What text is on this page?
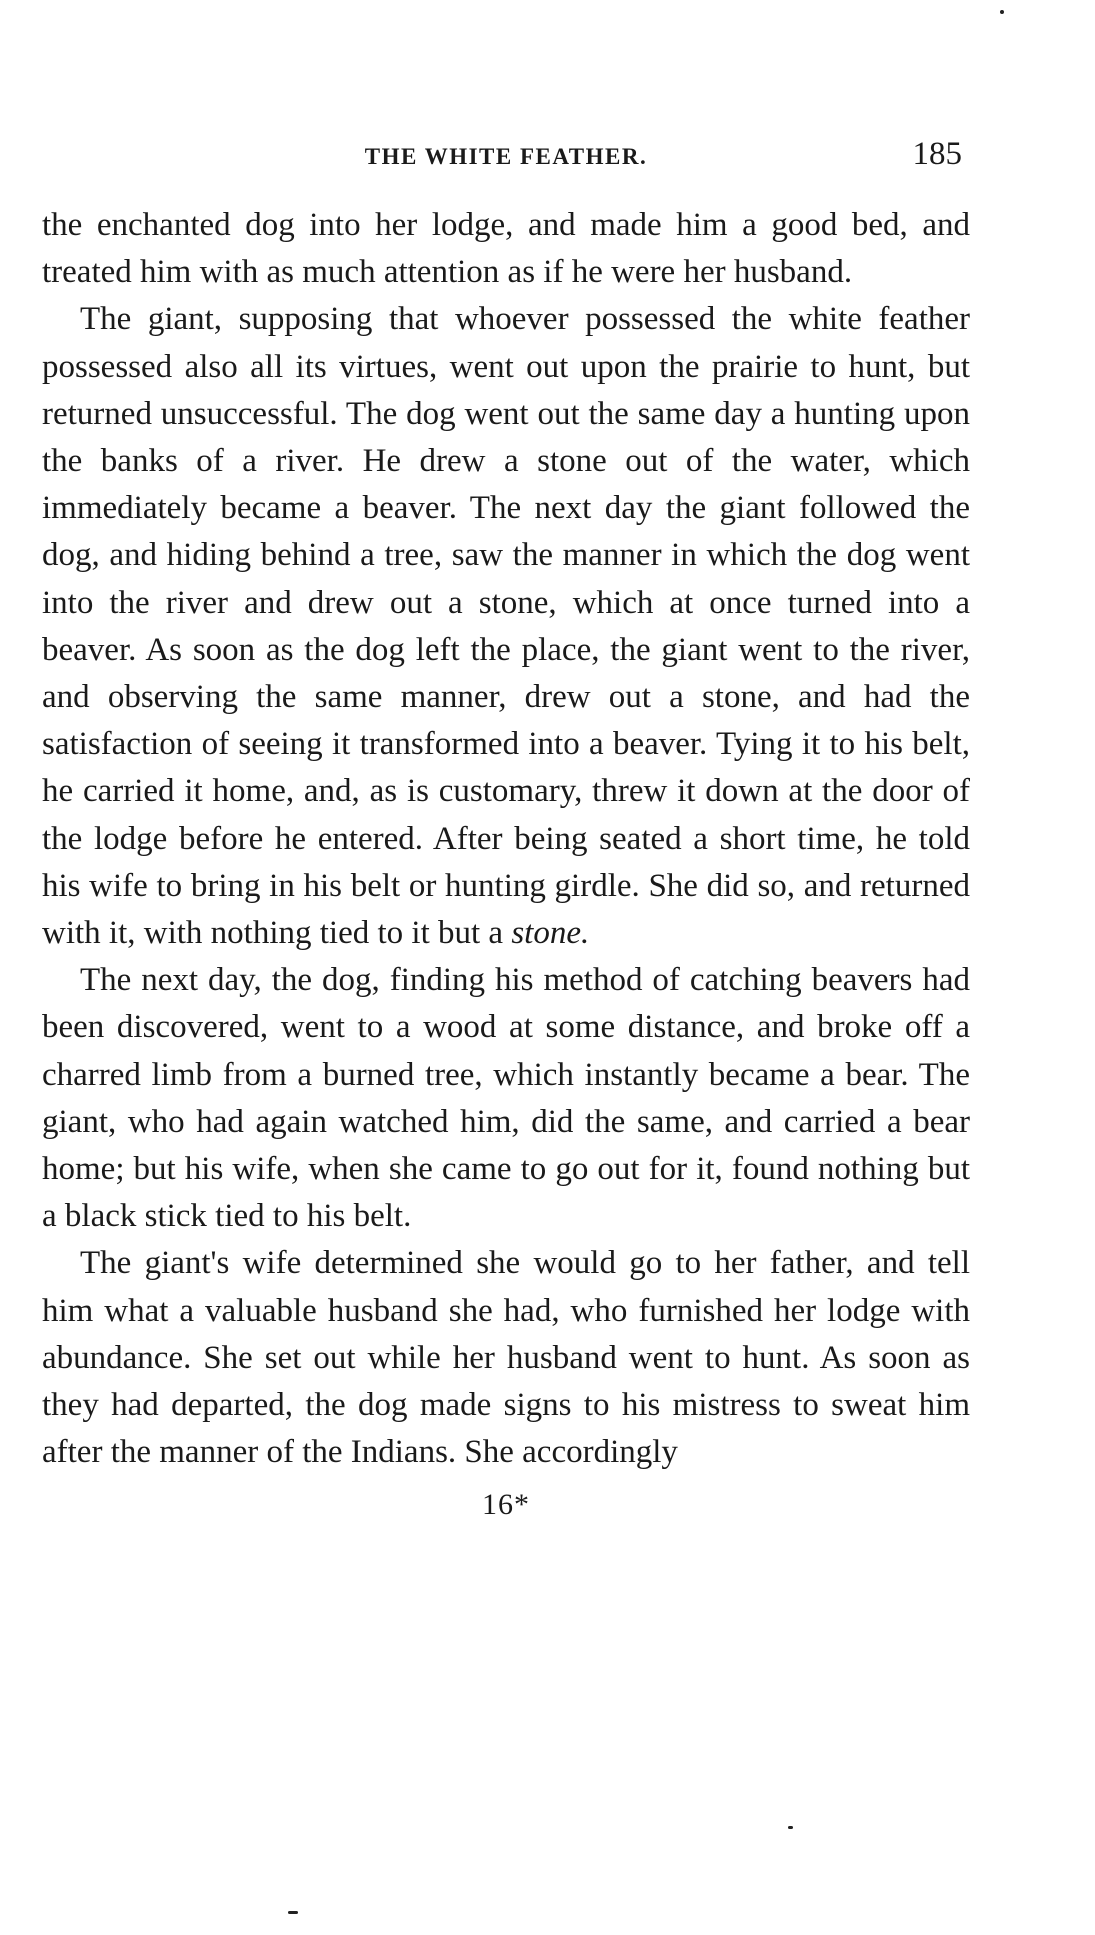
THE WHITE FEATHER.	185

the enchanted dog into her lodge, and made him a good bed, and treated him with as much attention as if he were her husband.

The giant, supposing that whoever possessed the white feather possessed also all its virtues, went out upon the prairie to hunt, but returned unsuccessful. The dog went out the same day a hunting upon the banks of a river. He drew a stone out of the water, which immediately became a beaver. The next day the giant followed the dog, and hiding behind a tree, saw the manner in which the dog went into the river and drew out a stone, which at once turned into a beaver. As soon as the dog left the place, the giant went to the river, and observing the same manner, drew out a stone, and had the satisfaction of seeing it transformed into a beaver. Tying it to his belt, he carried it home, and, as is customary, threw it down at the door of the lodge before he entered. After being seated a short time, he told his wife to bring in his belt or hunting girdle. She did so, and returned with it, with nothing tied to it but a stone.

The next day, the dog, finding his method of catching beavers had been discovered, went to a wood at some distance, and broke off a charred limb from a burned tree, which instantly became a bear. The giant, who had again watched him, did the same, and carried a bear home; but his wife, when she came to go out for it, found nothing but a black stick tied to his belt.

The giant's wife determined she would go to her father, and tell him what a valuable husband she had, who furnished her lodge with abundance. She set out while her husband went to hunt. As soon as they had departed, the dog made signs to his mistress to sweat him after the manner of the Indians. She accordingly

16*
